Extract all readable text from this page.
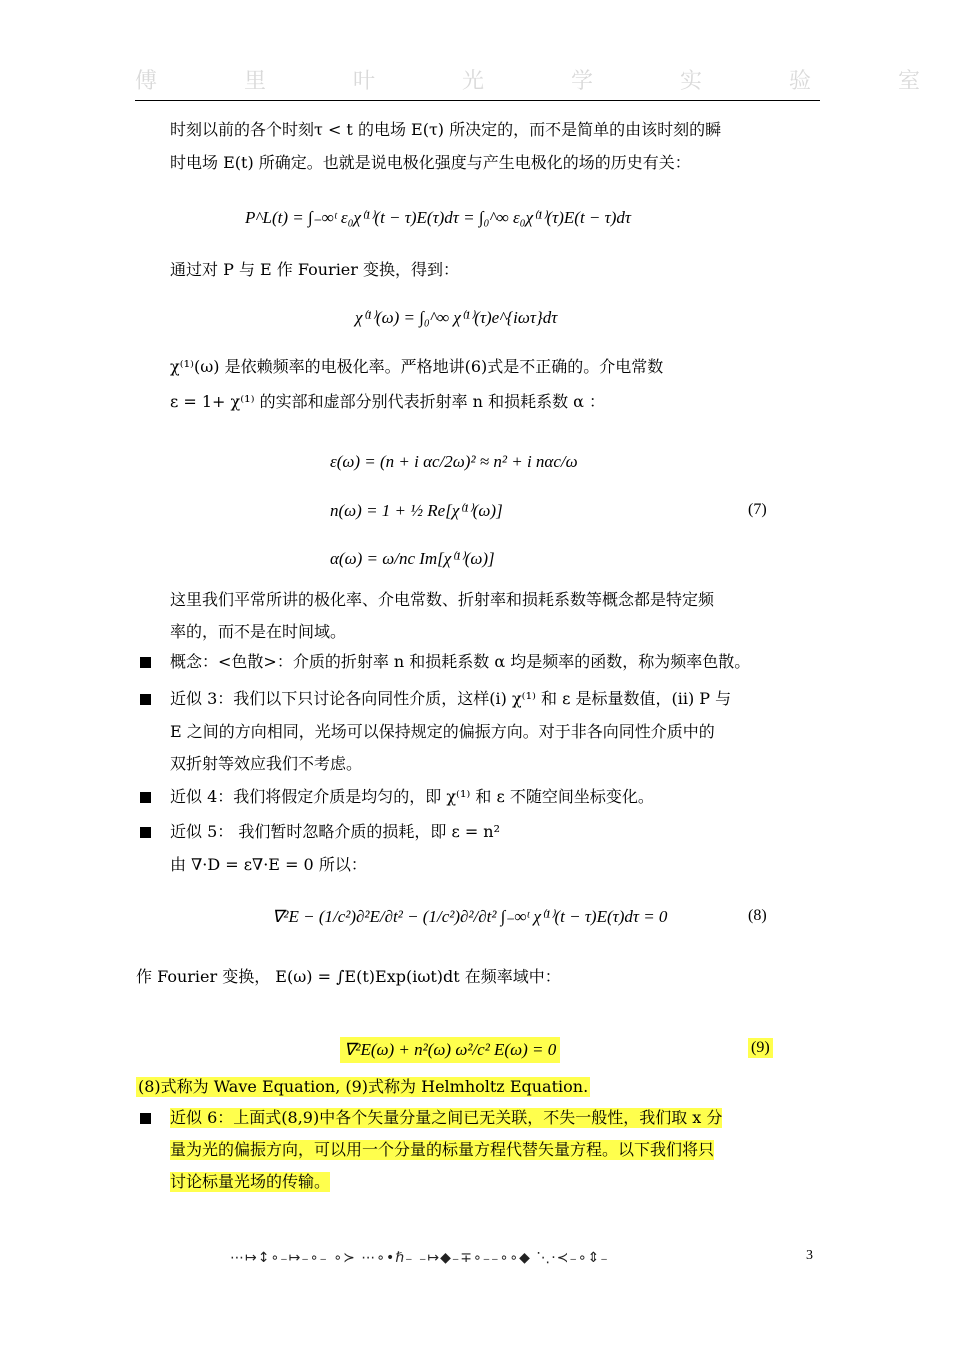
傅 里 叶 光 学 实 验 室
时刻以前的各个时刻τ < t 的电场 E(τ) 所决定的，而不是简单的由该时刻的瞬
时电场 E(t) 所确定。也就是说电极化强度与产生电极化的场的历史有关：
P^L(t) = ∫₋∞ᵗ ε₀χ⁽¹⁾(t − τ)E(τ)dτ = ∫₀^∞ ε₀χ⁽¹⁾(τ)E(t − τ)dτ
通过对 P 与 E 作 Fourier 变换，得到：
χ⁽¹⁾(ω) = ∫₀^∞ χ⁽¹⁾(τ)e^{iωτ}dτ
χ⁽¹⁾(ω) 是依赖频率的电极化率。严格地讲(6)式是不正确的。介电常数
ε = 1+ χ⁽¹⁾ 的实部和虚部分别代表折射率 n 和损耗系数 α ：
ε(ω) = (n + i αc/2ω)² ≈ n² + i nαc/ω
n(ω) = 1 + ½ Re[χ⁽¹⁾(ω)]	(7)
α(ω) = ω/nc Im[χ⁽¹⁾(ω)]
这里我们平常所讲的极化率、介电常数、折射率和损耗系数等概念都是特定频
率的，而不是在时间域。
概念：<色散>：介质的折射率 n 和损耗系数 α 均是频率的函数，称为频率色散。
近似 3：我们以下只讨论各向同性介质，这样(i) χ⁽¹⁾ 和 ε 是标量数值，(ii) P 与
E 之间的方向相同，光场可以保持规定的偏振方向。对于非各向同性介质中的
双折射等效应我们不考虑。
近似 4：我们将假定介质是均匀的，即 χ⁽¹⁾ 和 ε 不随空间坐标变化。
近似 5： 我们暂时忽略介质的损耗，即 ε = n²
由 ∇·D = ε∇·E = 0 所以：
∇²E − (1/c²)∂²E/∂t² − (1/c²)∂²/∂t² ∫₋∞ᵗ χ⁽¹⁾(t − τ)E(τ)dτ = 0	(8)
作 Fourier 变换， E(ω) = ∫E(t)Exp(iωt)dt 在频率域中：
∇²E(ω) + n²(ω) ω²/c² E(ω) = 0	(9)
(8)式称为 Wave Equation, (9)式称为 Helmholtz Equation.
近似 6：上面式(8,9)中各个矢量分量之间已无关联，不失一般性，我们取 x 分
量为光的偏振方向，可以用一个分量的标量方程代替矢量方程。以下我们将只
讨论标量光场的传输。
⋯↦↕∘₋↦₋∘₋ ∘≻ ⋯∘•ℏ₋ ₋↦◆₋∓∘₋₋∘∘◆ ⋱⋅≺₋∘⇕₋	3
